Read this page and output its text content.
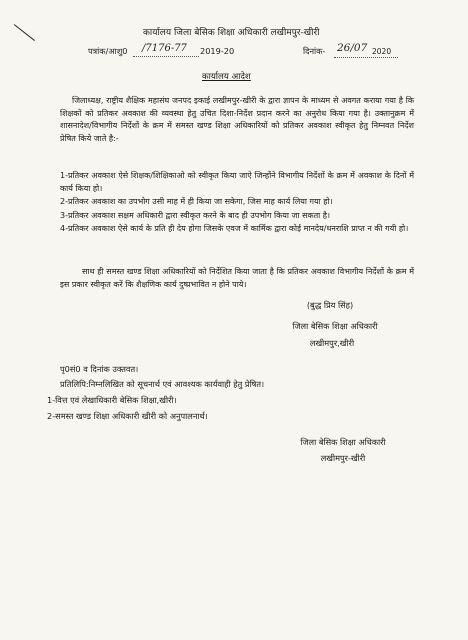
कार्यालय जिला बेसिक शिक्षा अधिकारी लखीमपुर-खीरी
पत्रांक/आशु0 /7176-77 2019-20	दिनांक- 26/07 2020
कार्यालय आदेश
जिलाध्यक्ष, राष्ट्रीय शैक्षिक महासंघ जनपद इकाई लखीमपुर-खीरी के द्वारा ज्ञापन के माध्यम से अवगत कराया गया है कि शिक्षकों को प्रतिकर अवकाश की व्यवस्था हेतु उचित दिशा-निर्देश प्रदान करने का अनुरोध किया गया है। उक्तानुक्रम में शासनादेश/विभागीय निर्देशों के क्रम में समस्त खण्ड शिक्षा अधिकारियों को प्रतिकर अवकाश स्वीकृत हेतु निम्नवत निर्देश प्रेषित किये जाते है:-
1-प्रतिकर अवकाश ऐसे शिक्षक/शिक्षिकाओ को स्वीकृत किया जाऐ जिन्होंने विभागीय निर्देशों के क्रम में अवकाश के दिनों में कार्य किया हो।
2-प्रतिकर अवकाश का उपभोग उसी माह में ही किया जा सकेगा, जिस माह कार्य लिया गया हो।
3-प्रतिकर अवकाश सक्षम अधिकारी द्वारा स्वीकृत करने के बाद ही उपभोग किया जा सकता है।
4-प्रतिकर अवकाश ऐसे कार्य के प्रति ही देय होगा जिसके एवज में कार्मिक द्वारा कोई मानदेय/धनराशि प्राप्त न की गयी हो।
साथ ही समस्त खण्ड शिक्षा अधिकारियों को निर्देशित किया जाता है कि प्रतिकर अवकाश विभागीय निर्देशों के क्रम में इस प्रकार स्वीकृत करें कि शैक्षणिक कार्य दुष्प्रभावित न होने पाये।
(बुद्ध प्रिय सिंह)
जिला बेसिक शिक्षा अधिकारी
लखीमपुर,खीरी
पृ0सं0 व दिनांक उक्तवत।
प्रतिलिपि:निम्नलिखित को सूचनार्थ एवं आवश्यक कार्यवाही हेतु प्रेषित।
1-वित्त एवं लेखाधिकारी बेसिक शिक्षा,खीरी।
2-समस्त खण्ड शिक्षा अधिकारी खीरी को अनुपालनार्थ।
जिला बेसिक शिक्षा अधिकारी
लखीमपुर-खीरी
